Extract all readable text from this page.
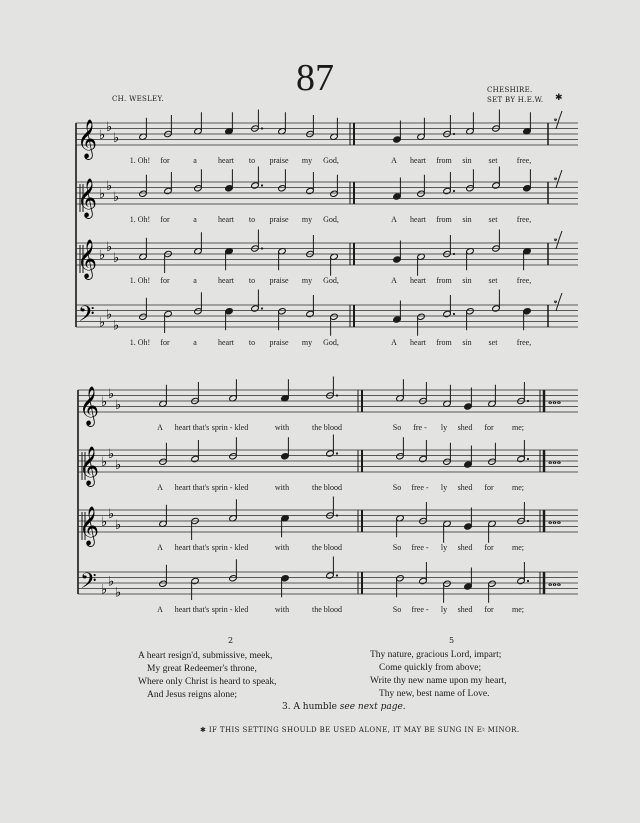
87
CH. WESLEY.
CHESHIRE.
SET BY H.E.W. ✱
𝄞 ♭
♭
♭
𝆯
1. Oh! for	a	heart to praise my God,	A heart from sin set free,
𝄞 ♭
♭
♭
𝆯
1. Oh! for	a	heart to praise my God,	A heart from sin set free,
𝄞 ♭
♭
♭
𝆯
1. Oh! for	a	heart to praise my God,	A heart from sin set free,
𝄢 ♭
♭
♭
𝆯
1. Oh! for	a	heart to praise my God,	A heart from sin set free,
𝄞 ♭
♭
♭	𝅝𝅝𝅝
A heart that's sprin - kled	with	the blood	So fre - ly shed for me;
𝄞 ♭
♭
♭	𝅝𝅝𝅝
A heart that's sprin - kled	with	the blood	So free - ly shed for me;
𝄞 ♭
♭
♭	𝅝𝅝𝅝
A heart that's sprin - kled	with	the blood	So free - ly shed for me;
𝄢 ♭
♭
♭
𝅝𝅝𝅝
A heart that's sprin - kled	with	the blood	So free - ly shed for me;
2
A heart resign'd, submissive, meek,
My great Redeemer's throne,
Where only Christ is heard to speak,
And Jesus reigns alone;
5
Thy nature, gracious Lord, impart;
Come quickly from above;
Write thy new name upon my heart,
Thy new, best name of Love.
3. A humble see next page.
✱ IF THIS SETTING SHOULD BE USED ALONE, IT MAY BE SUNG IN E♮ MINOR.
